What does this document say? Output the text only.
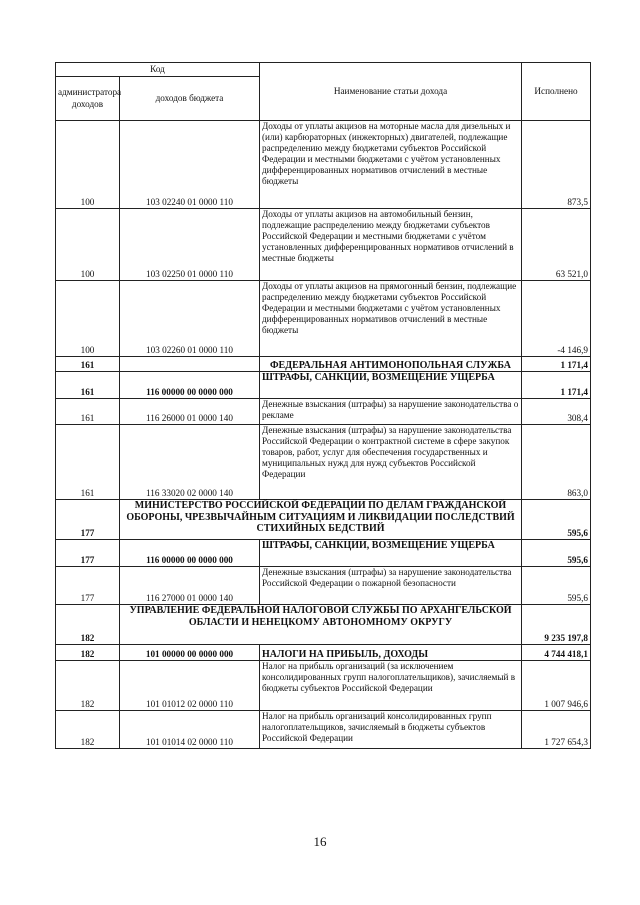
Код		Наименование статьи дохода	Исполнено
администратора доходов	доходов бюджета		
100	103 02240 01 0000 110	Доходы от уплаты акцизов на моторные масла для дизельных и (или) карбюраторных (инжекторных) двигателей, подлежащие распределению между бюджетами субъектов Российской Федерации и местными бюджетами с учётом установленных дифференцированных нормативов отчислений в местные бюджеты	873,5
100	103 02250 01 0000 110	Доходы от уплаты акцизов на автомобильный бензин, подлежащие распределению между бюджетами субъектов Российской Федерации и местными бюджетами с учётом установленных дифференцированных нормативов отчислений в местные бюджеты	63 521,0
100	103 02260 01 0000 110	Доходы от уплаты акцизов на прямогонный бензин, подлежащие распределению между бюджетами субъектов Российской Федерации и местными бюджетами с учётом установленных дифференцированных нормативов отчислений в местные бюджеты	-4 146,9
161		ФЕДЕРАЛЬНАЯ АНТИМОНОПОЛЬНАЯ СЛУЖБА	1 171,4
161	116 00000 00 0000 000	ШТРАФЫ, САНКЦИИ, ВОЗМЕЩЕНИЕ УЩЕРБА	1 171,4
161	116 26000 01 0000 140	Денежные взыскания (штрафы) за нарушение законодательства о рекламе	308,4
161	116 33020 02 0000 140	Денежные взыскания (штрафы) за нарушение законодательства Российской Федерации о контрактной системе в сфере закупок товаров, работ, услуг для обеспечения государственных и муниципальных нужд для нужд субъектов Российской Федерации	863,0
177	МИНИСТЕРСТВО РОССИЙСКОЙ ФЕДЕРАЦИИ ПО ДЕЛАМ ГРАЖДАНСКОЙ ОБОРОНЫ, ЧРЕЗВЫЧАЙНЫМ СИТУАЦИЯМ И ЛИКВИДАЦИИ ПОСЛЕДСТВИЙ СТИХИЙНЫХ БЕДСТВИЙ		595,6
177	116 00000 00 0000 000	ШТРАФЫ, САНКЦИИ, ВОЗМЕЩЕНИЕ УЩЕРБА	595,6
177	116 27000 01 0000 140	Денежные взыскания (штрафы) за нарушение законодательства Российской Федерации о пожарной безопасности	595,6
182	УПРАВЛЕНИЕ ФЕДЕРАЛЬНОЙ НАЛОГОВОЙ СЛУЖБЫ ПО АРХАНГЕЛЬСКОЙ ОБЛАСТИ И НЕНЕЦКОМУ АВТОНОМНОМУ ОКРУГУ		9 235 197,8
182	101 00000 00 0000 000	НАЛОГИ НА ПРИБЫЛЬ, ДОХОДЫ	4 744 418,1
182	101 01012 02 0000 110	Налог на прибыль организаций (за исключением консолидированных групп налогоплательщиков), зачисляемый в бюджеты субъектов Российской Федерации	1 007 946,6
182	101 01014 02 0000 110	Налог на прибыль организаций консолидированных групп налогоплательщиков, зачисляемый в бюджеты субъектов Российской Федерации	1 727 654,3
16
